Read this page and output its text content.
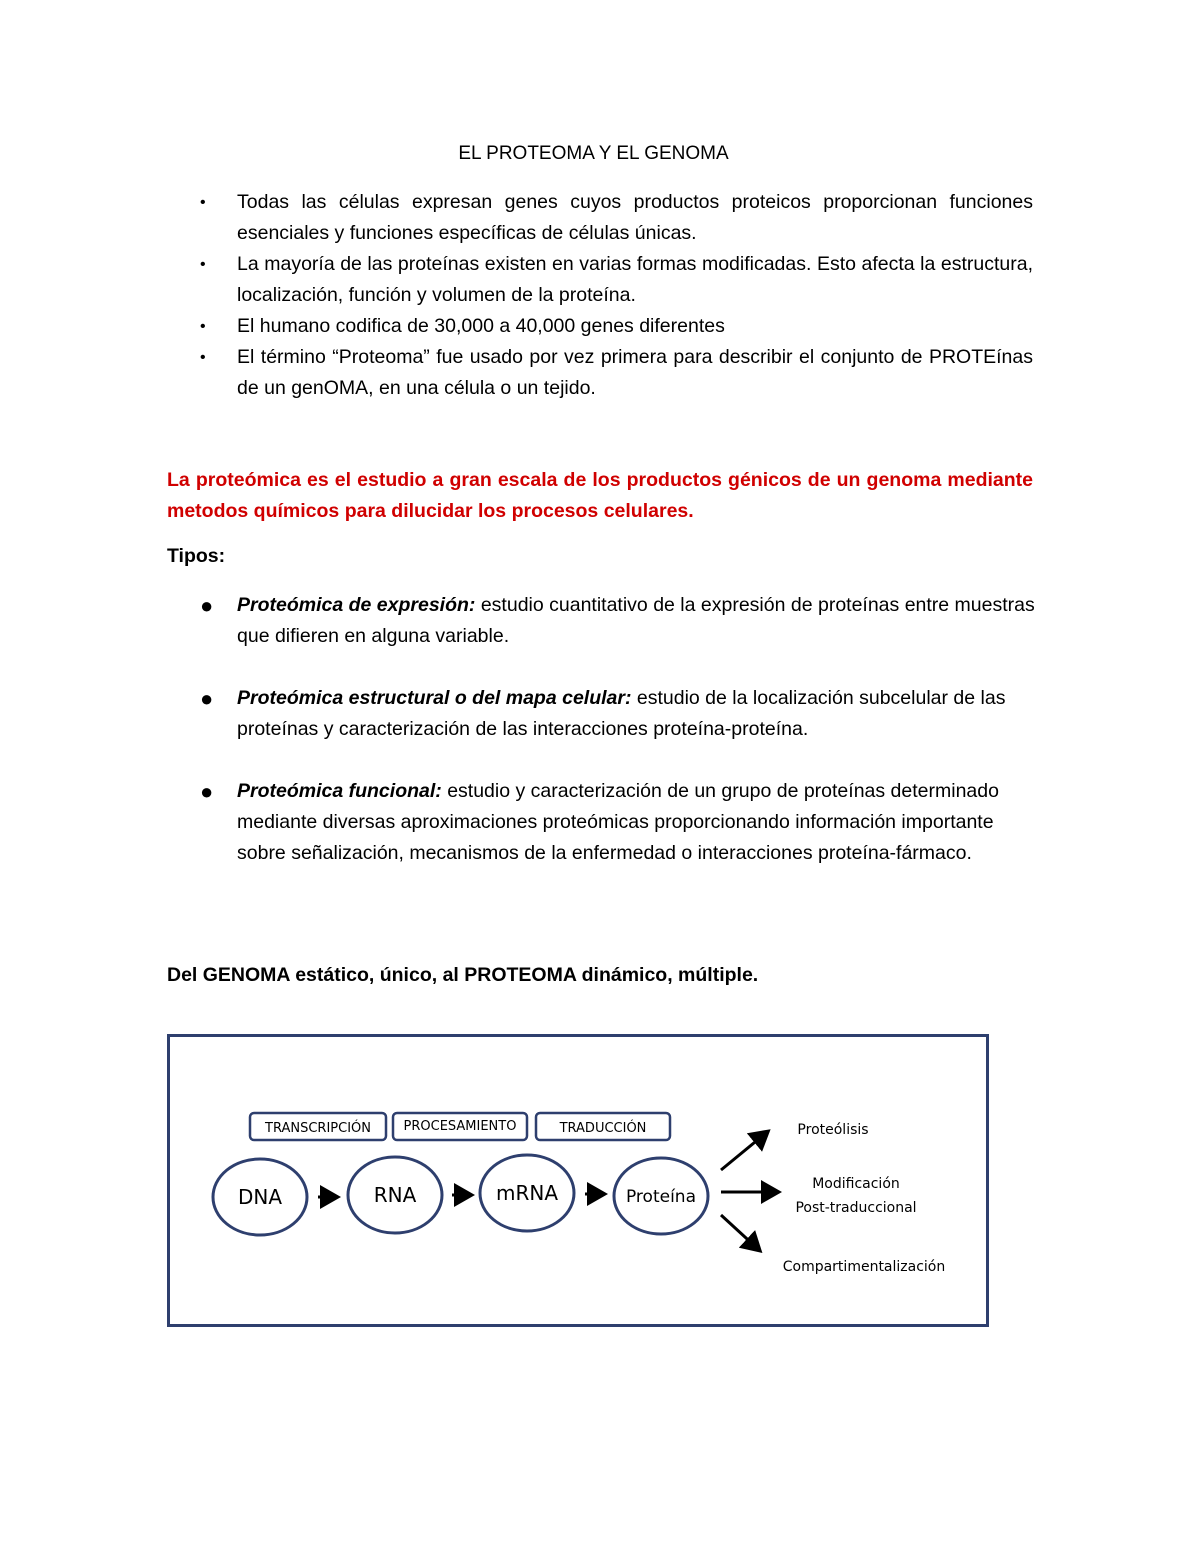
EL PROTEOMA Y EL GENOMA
• Todas las células expresan genes cuyos productos proteicos proporcionan funciones esenciales y funciones específicas de células únicas.
• La mayoría de las proteínas existen en varias formas modificadas. Esto afecta la estructura, localización, función y volumen de la proteína.
• El humano codifica de 30,000 a 40,000 genes diferentes
• El término “Proteoma” fue usado por vez primera para describir el conjunto de PROTEínas de un genOMA, en una célula o un tejido.
La proteómica es el estudio a gran escala de los productos génicos de un genoma mediante metodos químicos para dilucidar los procesos celulares.
Tipos:
● Proteómica de expresión: estudio cuantitativo de la expresión de proteínas entre muestras que difieren en alguna variable.
● Proteómica estructural o del mapa celular: estudio de la localización subcelular de las proteínas y caracterización de las interacciones proteína-proteína.
● Proteómica funcional: estudio y caracterización de un grupo de proteínas determinado mediante diversas aproximaciones proteómicas proporcionando información importante sobre señalización, mecanismos de la enfermedad o interacciones proteína-fármaco.
Del GENOMA estático, único, al PROTEOMA dinámico, múltiple.
TRANSCRIPCIÓN	PROCESAMIENTO	TRADUCCIÓN
DNA	RNA	mRNA	Proteína
Proteólisis
Modificación
Post-traduccional
Compartimentalización
